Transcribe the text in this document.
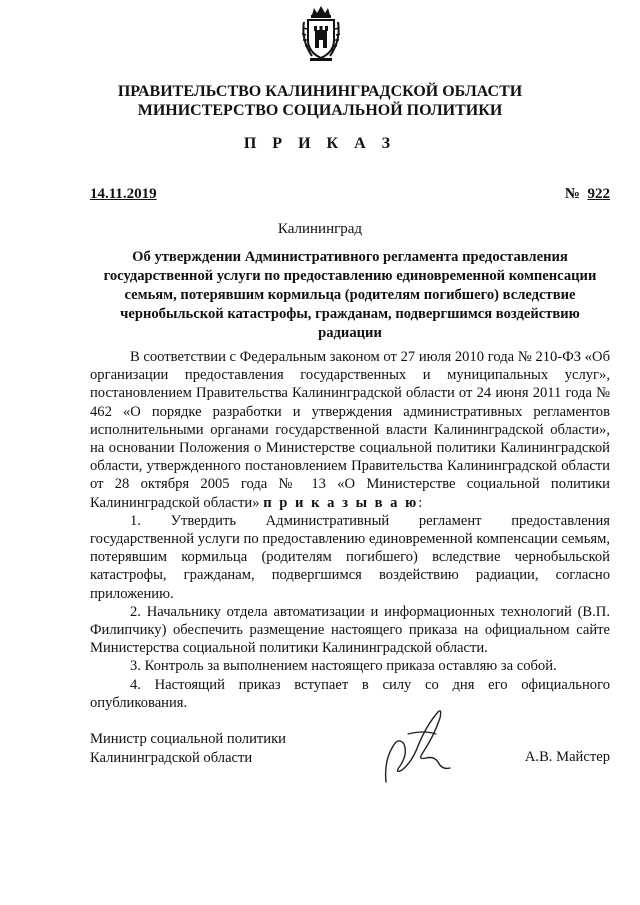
ПРАВИТЕЛЬСТВО КАЛИНИНГРАДСКОЙ ОБЛАСТИ
МИНИСТЕРСТВО СОЦИАЛЬНОЙ ПОЛИТИКИ
П Р И К А З
14.11.2019	№ 922
Калининград
Об утверждении Административного регламента предоставления государственной услуги по предоставлению единовременной компенсации семьям, потерявшим кормильца (родителям погибшего) вследствие чернобыльской катастрофы, гражданам, подвергшимся воздействию радиации

В соответствии с Федеральным законом от 27 июля 2010 года № 210-ФЗ «Об организации предоставления государственных и муниципальных услуг», постановлением Правительства Калининградской области от 24 июня 2011 года № 462 «О порядке разработки и утверждения административных регламентов исполнительными органами государственной власти Калининградской области», на основании Положения о Министерстве социальной политики Калининградской области, утвержденного постановлением Правительства Калининградской области от 28 октября 2005 года № 13 «О Министерстве социальной политики Калининградской области» п р и к а з ы в а ю:

1. Утвердить Административный регламент предоставления государственной услуги по предоставлению единовременной компенсации семьям, потерявшим кормильца (родителям погибшего) вследствие чернобыльской катастрофы, гражданам, подвергшимся воздействию радиации, согласно приложению.

2. Начальнику отдела автоматизации и информационных технологий (В.П. Филипчику) обеспечить размещение настоящего приказа на официальном сайте Министерства социальной политики Калининградской области.

3. Контроль за выполнением настоящего приказа оставляю за собой.

4. Настоящий приказ вступает в силу со дня его официального опубликования.

Министр социальной политики
Калининградской области	А.В. Майстер
